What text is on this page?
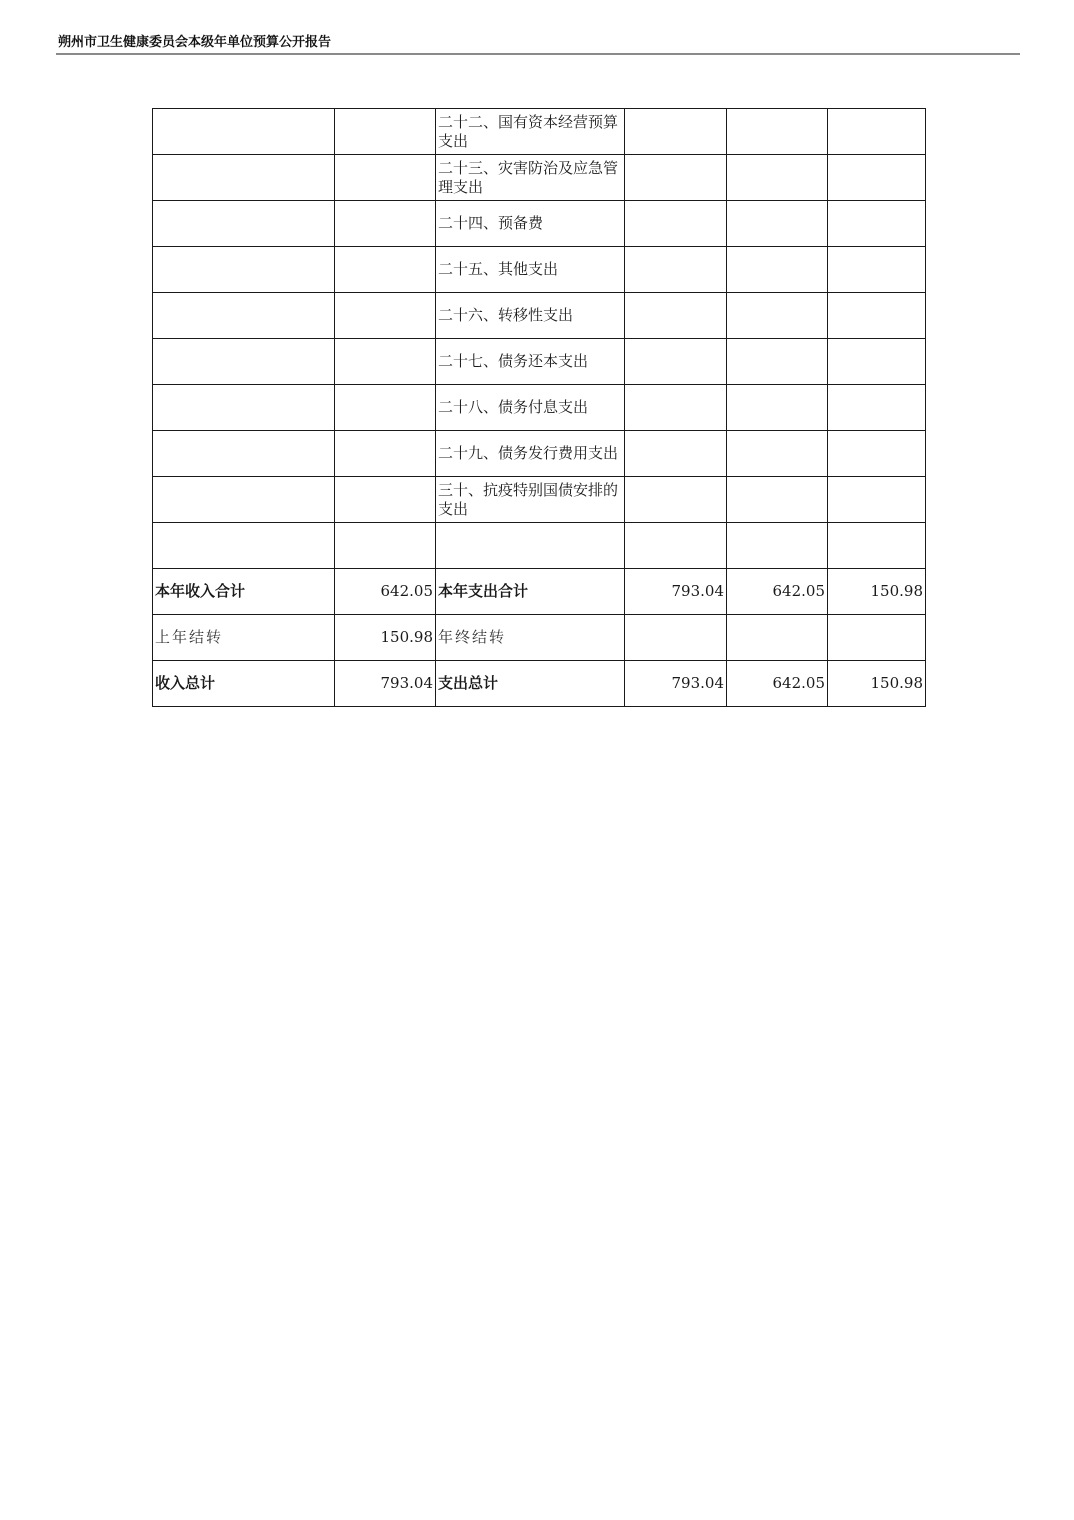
朔州市卫生健康委员会本级年单位预算公开报告
		二十二、国有资本经营预算支出			
		二十三、灾害防治及应急管理支出			
		二十四、预备费			
		二十五、其他支出			
		二十六、转移性支出			
		二十七、债务还本支出			
		二十八、债务付息支出			
		二十九、债务发行费用支出			
		三十、抗疫特别国债安排的支出			

本年收入合计	642.05	本年支出合计	793.04	642.05	150.98
上年结转	150.98	年终结转			
收入总计	793.04	支出总计	793.04	642.05	150.98
